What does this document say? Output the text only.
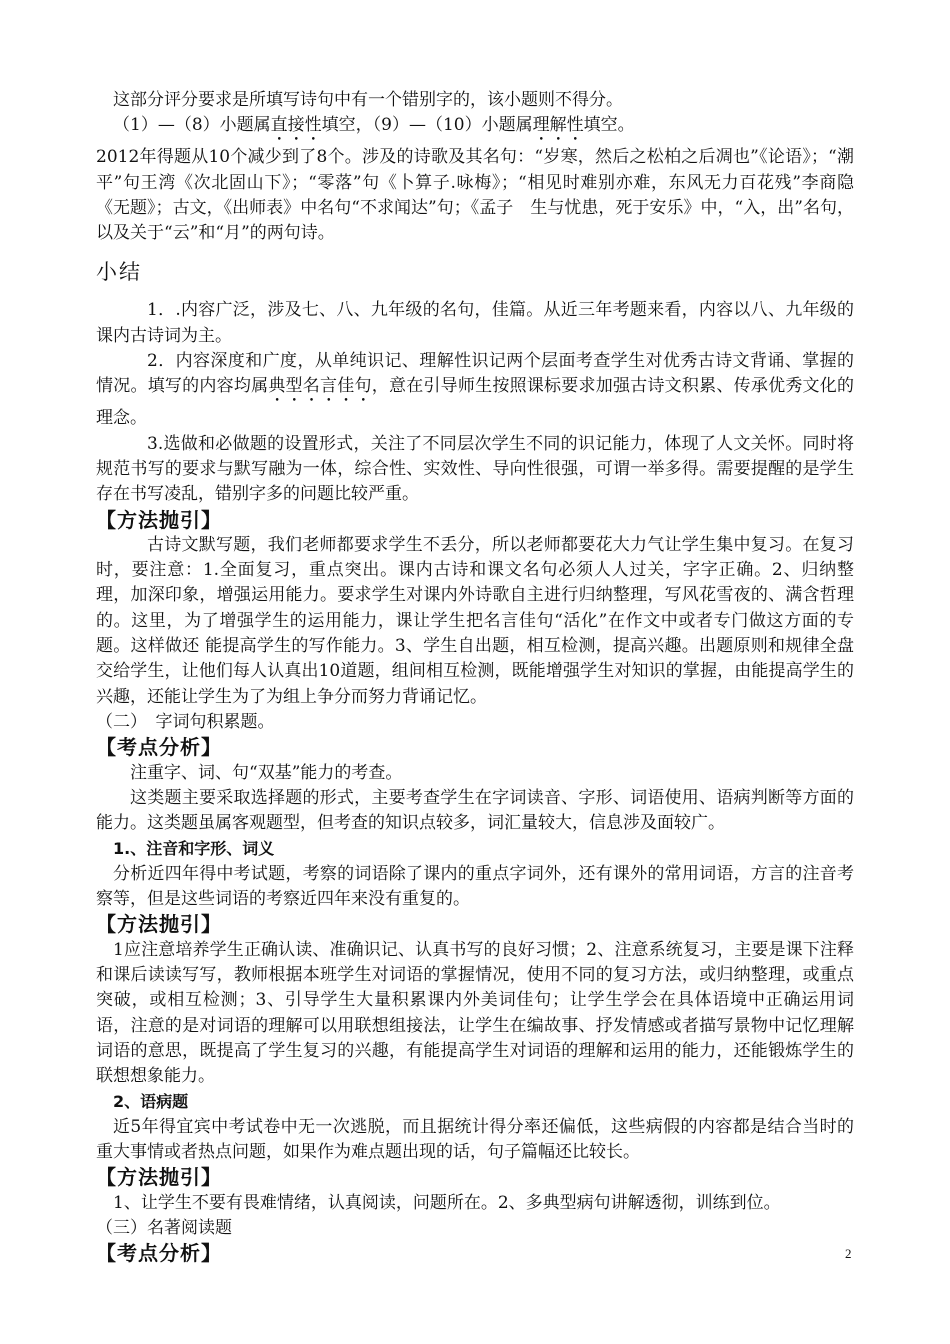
这部分评分要求是所填写诗句中有一个错别字的，该小题则不得分。

（1）—（8）小题属直接性填空，（9）—（10）小题属理解性填空。

2012年得题从10个减少到了8个。涉及的诗歌及其名句：“岁寒，然后之松柏之后凋也”《论语》；“潮平”句王湾《次北固山下》；“零落”句《卜算子.咏梅》；“相见时难别亦难，东风无力百花残”李商隐《无题》；古文，《出师表》中名句“不求闻达”句；《孟子　生与忧患，死于安乐》中，“入，出”名句，以及关于“云”和“月”的两句诗。

小结

1．.内容广泛，涉及七、八、九年级的名句，佳篇。从近三年考题来看，内容以八、九年级的课内古诗词为主。

2．内容深度和广度，从单纯识记、理解性识记两个层面考查学生对优秀古诗文背诵、掌握的情况。填写的内容均属典型名言佳句，意在引导师生按照课标要求加强古诗文积累、传承优秀文化的理念。

3.选做和必做题的设置形式，关注了不同层次学生不同的识记能力，体现了人文关怀。同时将规范书写的要求与默写融为一体，综合性、实效性、导向性很强，可谓一举多得。需要提醒的是学生存在书写凌乱，错别字多的问题比较严重。

【方法抛引】

古诗文默写题，我们老师都要求学生不丢分，所以老师都要花大力气让学生集中复习。在复习时，要注意：1.全面复习，重点突出。课内古诗和课文名句必须人人过关，字字正确。2、归纳整理，加深印象，增强运用能力。要求学生对课内外诗歌自主进行归纳整理，写风花雪夜的、满含哲理的。这里，为了增强学生的运用能力，课让学生把名言佳句“活化”在作文中或者专门做这方面的专题。这样做还 能提高学生的写作能力。3、学生自出题，相互检测，提高兴趣。出题原则和规律全盘交给学生，让他们每人认真出10道题，组间相互检测，既能增强学生对知识的掌握，由能提高学生的兴趣，还能让学生为了为组上争分而努力背诵记忆。

（二）　字词句积累题。

【考点分析】

注重字、词、句“双基”能力的考查。

这类题主要采取选择题的形式，主要考查学生在字词读音、字形、词语使用、语病判断等方面的能力。这类题虽属客观题型，但考查的知识点较多，词汇量较大，信息涉及面较广。

1.、注音和字形、词义

分析近四年得中考试题，考察的词语除了课内的重点字词外，还有课外的常用词语，方言的注音考察等，但是这些词语的考察近四年来没有重复的。

【方法抛引】

1应注意培养学生正确认读、准确识记、认真书写的良好习惯；2、注意系统复习，主要是课下注释和课后读读写写，教师根据本班学生对词语的掌握情况，使用不同的复习方法，或归纳整理，或重点突破，或相互检测；3、引导学生大量积累课内外美词佳句；让学生学会在具体语境中正确运用词语，注意的是对词语的理解可以用联想组接法，让学生在编故事、抒发情感或者描写景物中记忆理解词语的意思，既提高了学生复习的兴趣，有能提高学生对词语的理解和运用的能力，还能锻炼学生的联想想象能力。

2、语病题

近5年得宜宾中考试卷中无一次逃脱，而且据统计得分率还偏低，这些病假的内容都是结合当时的重大事情或者热点问题，如果作为难点题出现的话，句子篇幅还比较长。

【方法抛引】

1、让学生不要有畏难情绪，认真阅读，问题所在。2、多典型病句讲解透彻，训练到位。

（三）名著阅读题

【考点分析】	2
